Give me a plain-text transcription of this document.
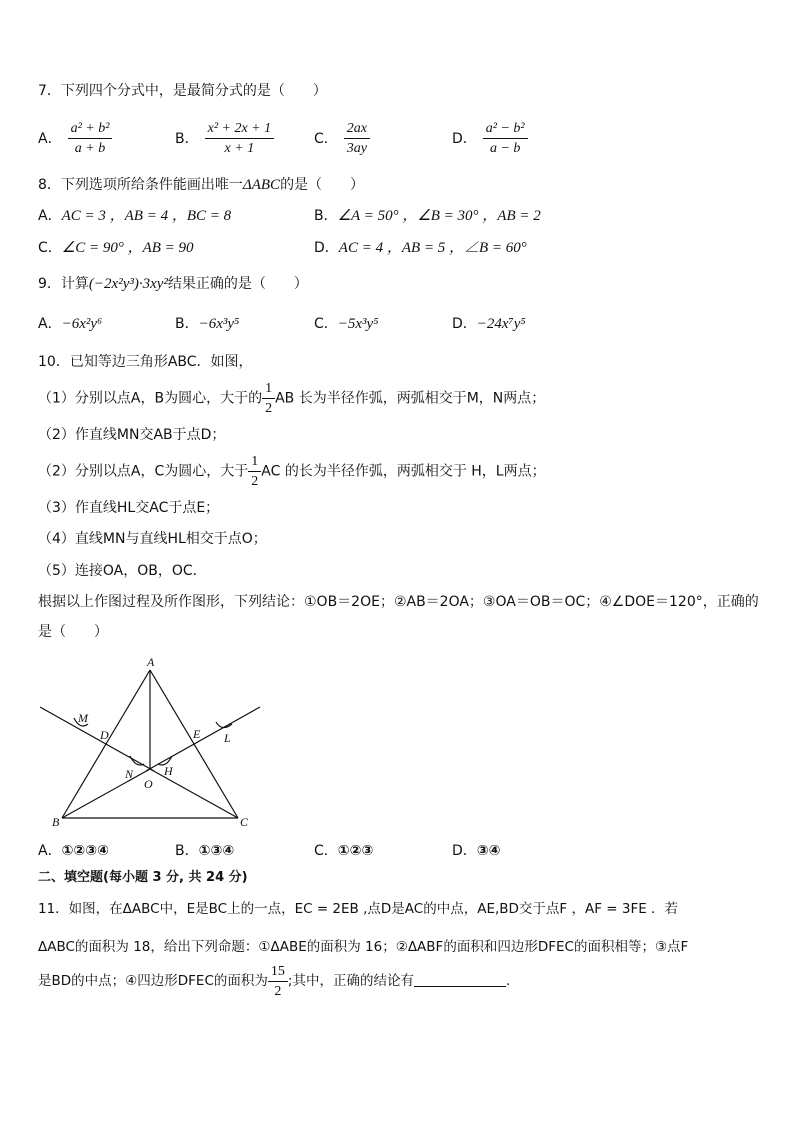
7．下列四个分式中，是最简分式的是（　　）
A． $\frac{\text{a² + b²}}{a + b}$	B． $\frac{\text{x² + 2x + 1}}{x + 1}$	C． $\frac{2ax}{3ay}$	D． $\frac{\text{a² − b²}}{a - b}$
8．下列选项所给条件能画出唯一ΔABC的是（　　）
A．AC = 3 ，AB = 4 ，BC = 8	B．∠A = 50° ，∠B = 30° ，AB = 2
C．∠C = 90° ，AB = 90	D．AC = 4 ，AB = 5 ，∠B = 60°
9．计算(−2x²y³)·3xy²结果正确的是（　　）
A．−6x²y⁶	B．−6x³y⁵	C．−5x³y⁵	D．−24x⁷y⁵
10．已知等边三角形ABC．如图，
（1）分别以点A，B为圆心，大于的 $\frac{1}{2}$ AB 长为半径作弧，两弧相交于M，N两点；
（2）作直线MN交AB于点D；
（2）分别以点A，C为圆心，大于 $\frac{1}{2}$ AC 的长为半径作弧，两弧相交于 H，L两点；
（3）作直线HL交AC于点E；
（4）直线MN与直线HL相交于点O；
（5）连接OA，OB，OC．
根据以上作图过程及所作图形，下列结论：①OB＝2OE；②AB＝2OA；③OA＝OB＝OC；④∠DOE＝120°，正确的
是（　　）
A
B	C
M
D
N
O
H
E L
A．①②③④	B．①③④	C．①②③	D．③④
二、填空题(每小题 3 分, 共 24 分)
11．如图，在ΔABC中，E是BC上的一点，EC = 2EB ,点D是AC的中点，AE,BD交于点F ，AF = 3FE ．若
ΔABC的面积为 18，给出下列命题：①ΔABE的面积为 16；②ΔABF的面积和四边形DFEC的面积相等；③点F
是BD的中点；④四边形DFEC的面积为 $\frac{15}{2}$ ;其中，正确的结论有	.
